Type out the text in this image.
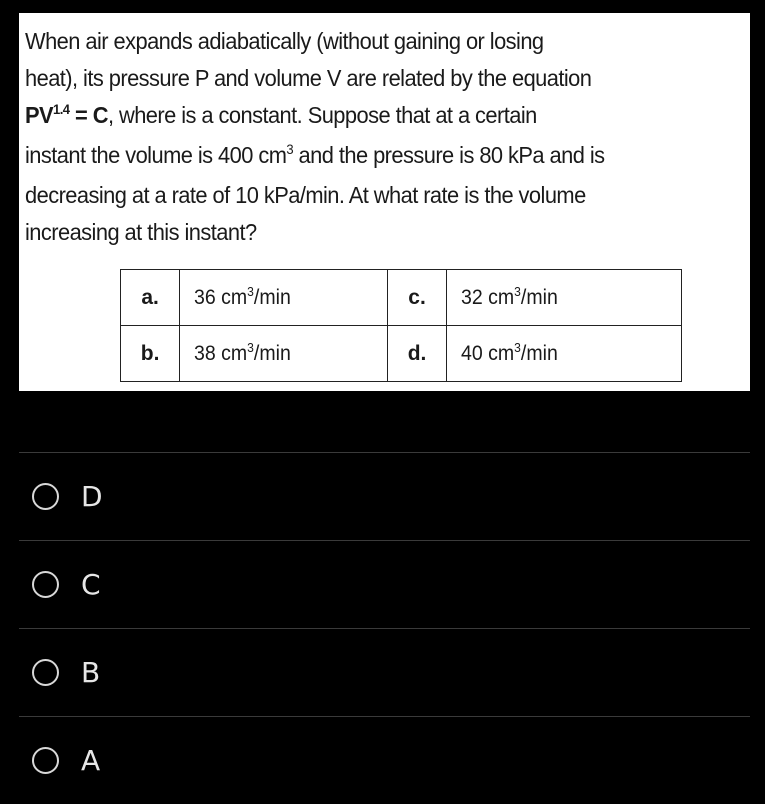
When air expands adiabatically (without gaining or losing
heat), its pressure P and volume V are related by the equation
$PV^{1.4} = C$, where is a constant. Suppose that at a certain
instant the volume is 400 $cm^3$ and the pressure is 80 kPa and is
decreasing at a rate of 10 kPa/min. At what rate is the volume
increasing at this instant?
a.	36 $cm^3/\min$	c.	32 $cm^3/\min$
b.	38 $cm^3/\min$	d.	40 $cm^3/\min$
D
C
B
A
